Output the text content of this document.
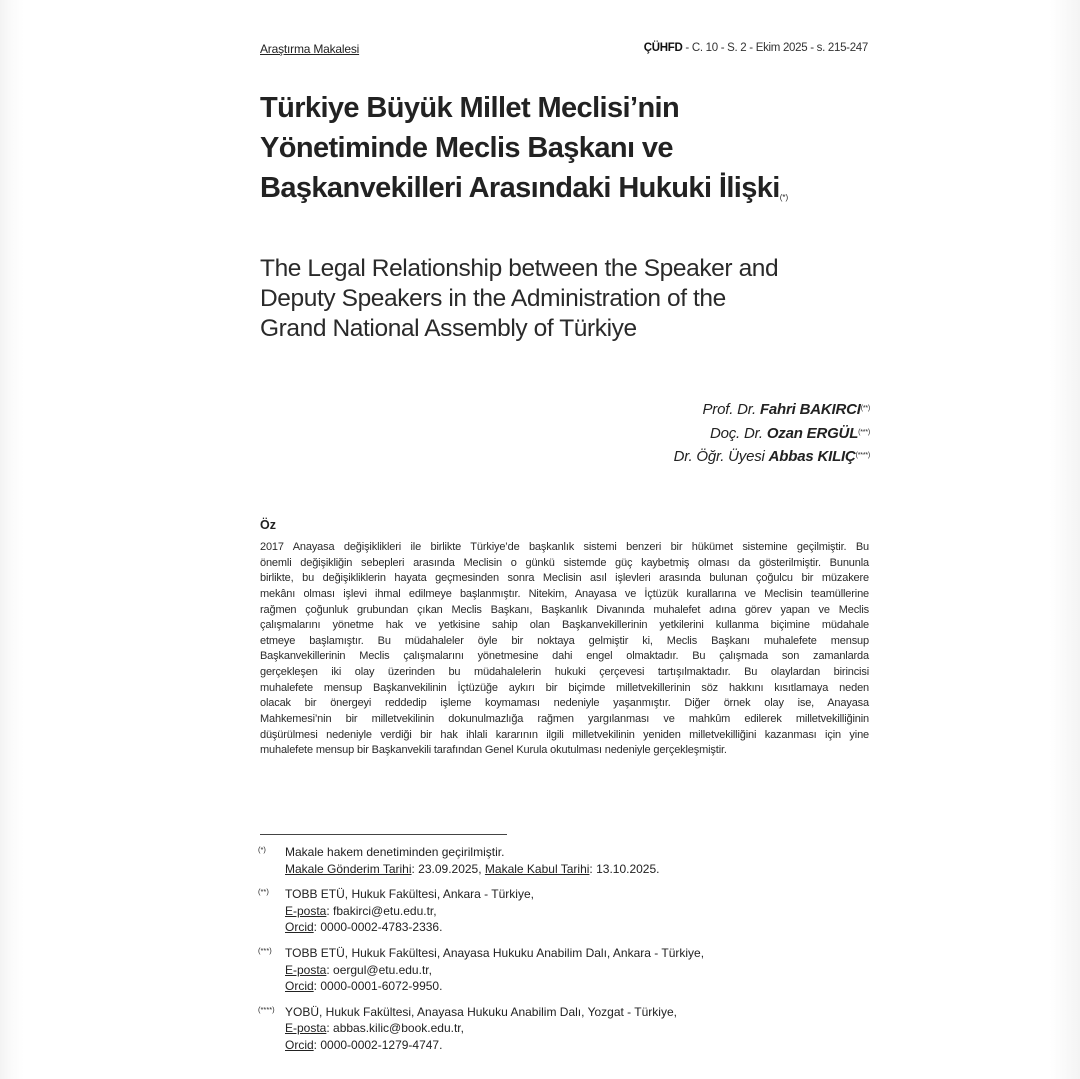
Araştırma Makalesi	ÇÜHFD - C. 10 - S. 2 - Ekim 2025 - s. 215-247
Türkiye Büyük Millet Meclisi’nin
Yönetiminde Meclis Başkanı ve
Başkanvekilleri Arasındaki Hukuki İlişki(*)
The Legal Relationship between the Speaker and
Deputy Speakers in the Administration of the
Grand National Assembly of Türkiye
Prof. Dr. Fahri BAKIRCI(**)
Doç. Dr. Ozan ERGÜL(***)
Dr. Öğr. Üyesi Abbas KILIÇ(****)
Öz
2017 Anayasa değişiklikleri ile birlikte Türkiye’de başkanlık sistemi benzeri bir hükümet sistemine geçilmiştir. Bu
önemli değişikliğin sebepleri arasında Meclisin o günkü sistemde güç kaybetmiş olması da gösterilmiştir. Bununla
birlikte, bu değişikliklerin hayata geçmesinden sonra Meclisin asıl işlevleri arasında bulunan çoğulcu bir müzakere
mekânı olması işlevi ihmal edilmeye başlanmıştır. Nitekim, Anayasa ve İçtüzük kurallarına ve Meclisin teamüllerine
rağmen çoğunluk grubundan çıkan Meclis Başkanı, Başkanlık Divanında muhalefet adına görev yapan ve Meclis
çalışmalarını yönetme hak ve yetkisine sahip olan Başkanvekillerinin yetkilerini kullanma biçimine müdahale
etmeye başlamıştır. Bu müdahaleler öyle bir noktaya gelmiştir ki, Meclis Başkanı muhalefete mensup
Başkanvekillerinin Meclis çalışmalarını yönetmesine dahi engel olmaktadır. Bu çalışmada son zamanlarda
gerçekleşen iki olay üzerinden bu müdahalelerin hukuki çerçevesi tartışılmaktadır. Bu olaylardan birincisi
muhalefete mensup Başkanvekilinin İçtüzüğe aykırı bir biçimde milletvekillerinin söz hakkını kısıtlamaya neden
olacak bir önergeyi reddedip işleme koymaması nedeniyle yaşanmıştır. Diğer örnek olay ise, Anayasa
Mahkemesi’nin bir milletvekilinin dokunulmazlığa rağmen yargılanması ve mahkûm edilerek milletvekilliğinin
düşürülmesi nedeniyle verdiği bir hak ihlali kararının ilgili milletvekilinin yeniden milletvekilliğini kazanması için yine
muhalefete mensup bir Başkanvekili tarafından Genel Kurula okutulması nedeniyle gerçekleşmiştir.
(*) Makale hakem denetiminden geçirilmiştir.
Makale Gönderim Tarihi: 23.09.2025, Makale Kabul Tarihi: 13.10.2025.
(**) TOBB ETÜ, Hukuk Fakültesi, Ankara - Türkiye,
E-posta: fbakirci@etu.edu.tr,
Orcid: 0000-0002-4783-2336.
(***) TOBB ETÜ, Hukuk Fakültesi, Anayasa Hukuku Anabilim Dalı, Ankara - Türkiye,
E-posta: oergul@etu.edu.tr,
Orcid: 0000-0001-6072-9950.
(****) YOBÜ, Hukuk Fakültesi, Anayasa Hukuku Anabilim Dalı, Yozgat - Türkiye,
E-posta: abbas.kilic@book.edu.tr,
Orcid: 0000-0002-1279-4747.
